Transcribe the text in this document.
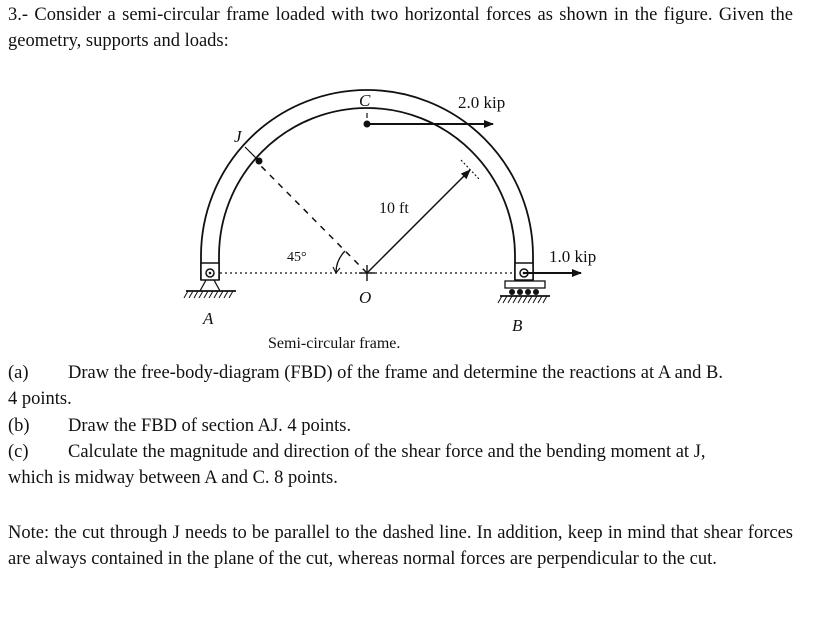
3.- Consider a semi-circular frame loaded with two horizontal forces as shown in the figure. Given the geometry, supports and loads:
C
J
O
A	B
10 ft
45°
2.0 kip
1.0 kip
Semi-circular frame.
(a) Draw the free-body-diagram (FBD) of the frame and determine the reactions at A and B.
4 points.
(b) Draw the FBD of section AJ. 4 points.
(c) Calculate the magnitude and direction of the shear force and the bending moment at J,
which is midway between A and C. 8 points.
Note: the cut through J needs to be parallel to the dashed line. In addition, keep in mind that shear forces are always contained in the plane of the cut, whereas normal forces are perpendicular to the cut.
